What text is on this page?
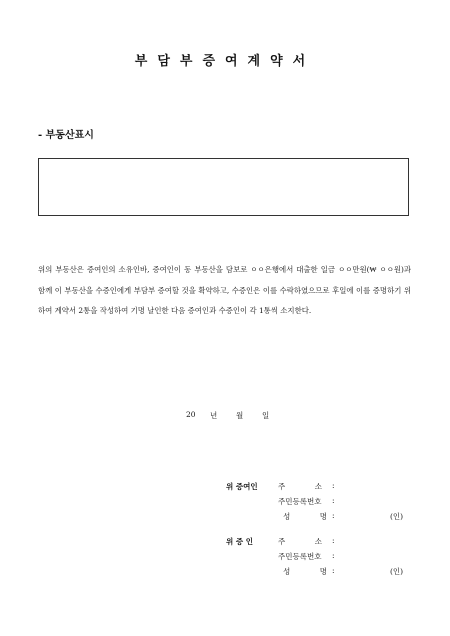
부담부증여계약서
- 부동산표시
위의 부동산은 증여인의 소유인바, 증여인이 동 부동산을 담보로 ㅇㅇ은행에서 대출한 일금 ㅇㅇ만원(₩ ㅇㅇ원)과 함께 이 부동산을 수증인에게 부담부 증여할 것을 확약하고, 수증인은 이를 수락하였으므로 후일에 이를 증명하기 위하여 계약서 2통을 작성하여 기명 날인한 다음 증여인과 수증인이 각 1통씩 소지한다.
20 년	월	일
위 증여인	주 소 :
주민등록번호 :
성 명 :	(인)
위 증 인	주 소 :
주민등록번호 :
성 명 :	(인)
